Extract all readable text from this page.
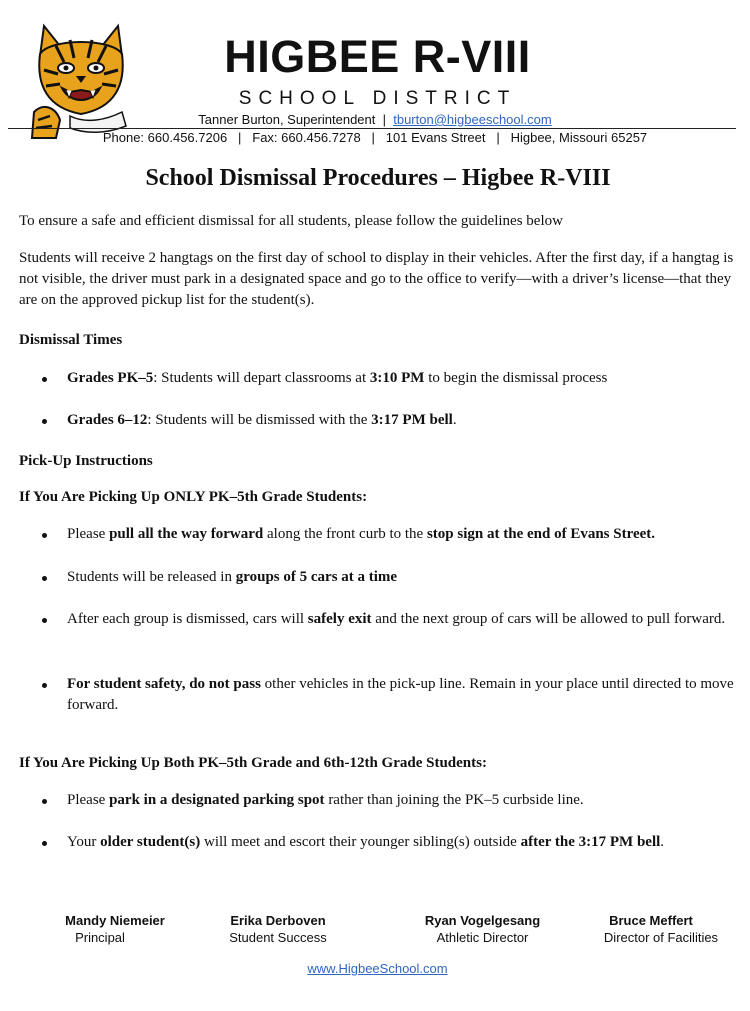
HIGBEE R-VIII
SCHOOL DISTRICT
Tanner Burton, Superintendent | tburton@higbeeschool.com
Phone: 660.456.7206 | Fax: 660.456.7278 | 101 Evans Street | Higbee, Missouri 65257
School Dismissal Procedures – Higbee R-VIII
To ensure a safe and efficient dismissal for all students, please follow the guidelines below
Students will receive 2 hangtags on the first day of school to display in their vehicles. After the first day, if a hangtag is not visible, the driver must park in a designated space and go to the office to verify—with a driver’s license—that they are on the approved pickup list for the student(s).
Dismissal Times
Grades PK–5: Students will depart classrooms at 3:10 PM to begin the dismissal process
Grades 6–12: Students will be dismissed with the 3:17 PM bell.
Pick-Up Instructions
If You Are Picking Up ONLY PK–5th Grade Students:
Please pull all the way forward along the front curb to the stop sign at the end of Evans Street.
Students will be released in groups of 5 cars at a time
After each group is dismissed, cars will safely exit and the next group of cars will be allowed to pull forward.
For student safety, do not pass other vehicles in the pick-up line. Remain in your place until directed to move forward.
If You Are Picking Up Both PK–5th Grade and 6th-12th Grade Students:
Please park in a designated parking spot rather than joining the PK–5 curbside line.
Your older student(s) will meet and escort their younger sibling(s) outside after the 3:17 PM bell.
Mandy Niemeier
Principal
Erika Derboven
Student Success
Ryan Vogelgesang
Athletic Director
Bruce Meffert
Director of Facilities
www.HigbeeSchool.com
